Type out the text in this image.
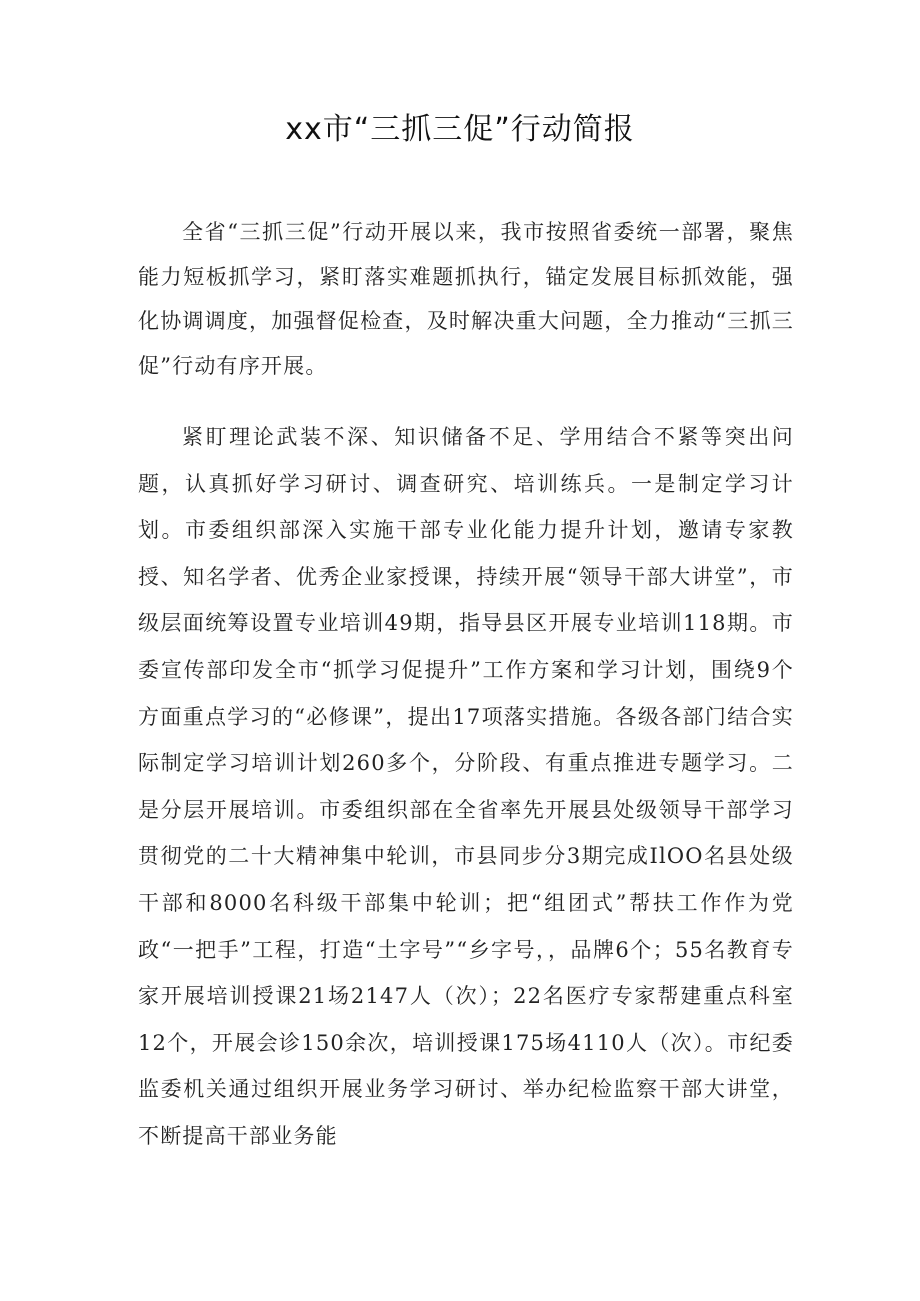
xx市“三抓三促”行动简报

全省“三抓三促”行动开展以来，我市按照省委统一部署，聚焦能力短板抓学习，紧盯落实难题抓执行，锚定发展目标抓效能，强化协调调度，加强督促检查，及时解决重大问题，全力推动“三抓三促”行动有序开展。

紧盯理论武装不深、知识储备不足、学用结合不紧等突出问题，认真抓好学习研讨、调查研究、培训练兵。一是制定学习计划。市委组织部深入实施干部专业化能力提升计划，邀请专家教授、知名学者、优秀企业家授课，持续开展“领导干部大讲堂”，市级层面统筹设置专业培训49期，指导县区开展专业培训118期。市委宣传部印发全市“抓学习促提升”工作方案和学习计划，围绕9个方面重点学习的“必修课”，提出17项落实措施。各级各部门结合实际制定学习培训计划260多个，分阶段、有重点推进专题学习。二是分层开展培训。市委组织部在全省率先开展县处级领导干部学习贯彻党的二十大精神集中轮训，市县同步分3期完成IlOO名县处级干部和8000名科级干部集中轮训；把“组团式”帮扶工作作为党政“一把手”工程，打造“土字号”“乡字号，，品牌6个；55名教育专家开展培训授课21场2147人（次）；22名医疗专家帮建重点科室12个，开展会诊150余次，培训授课175场4110人（次）。市纪委监委机关通过组织开展业务学习研讨、举办纪检监察干部大讲堂，不断提高干部业务能
